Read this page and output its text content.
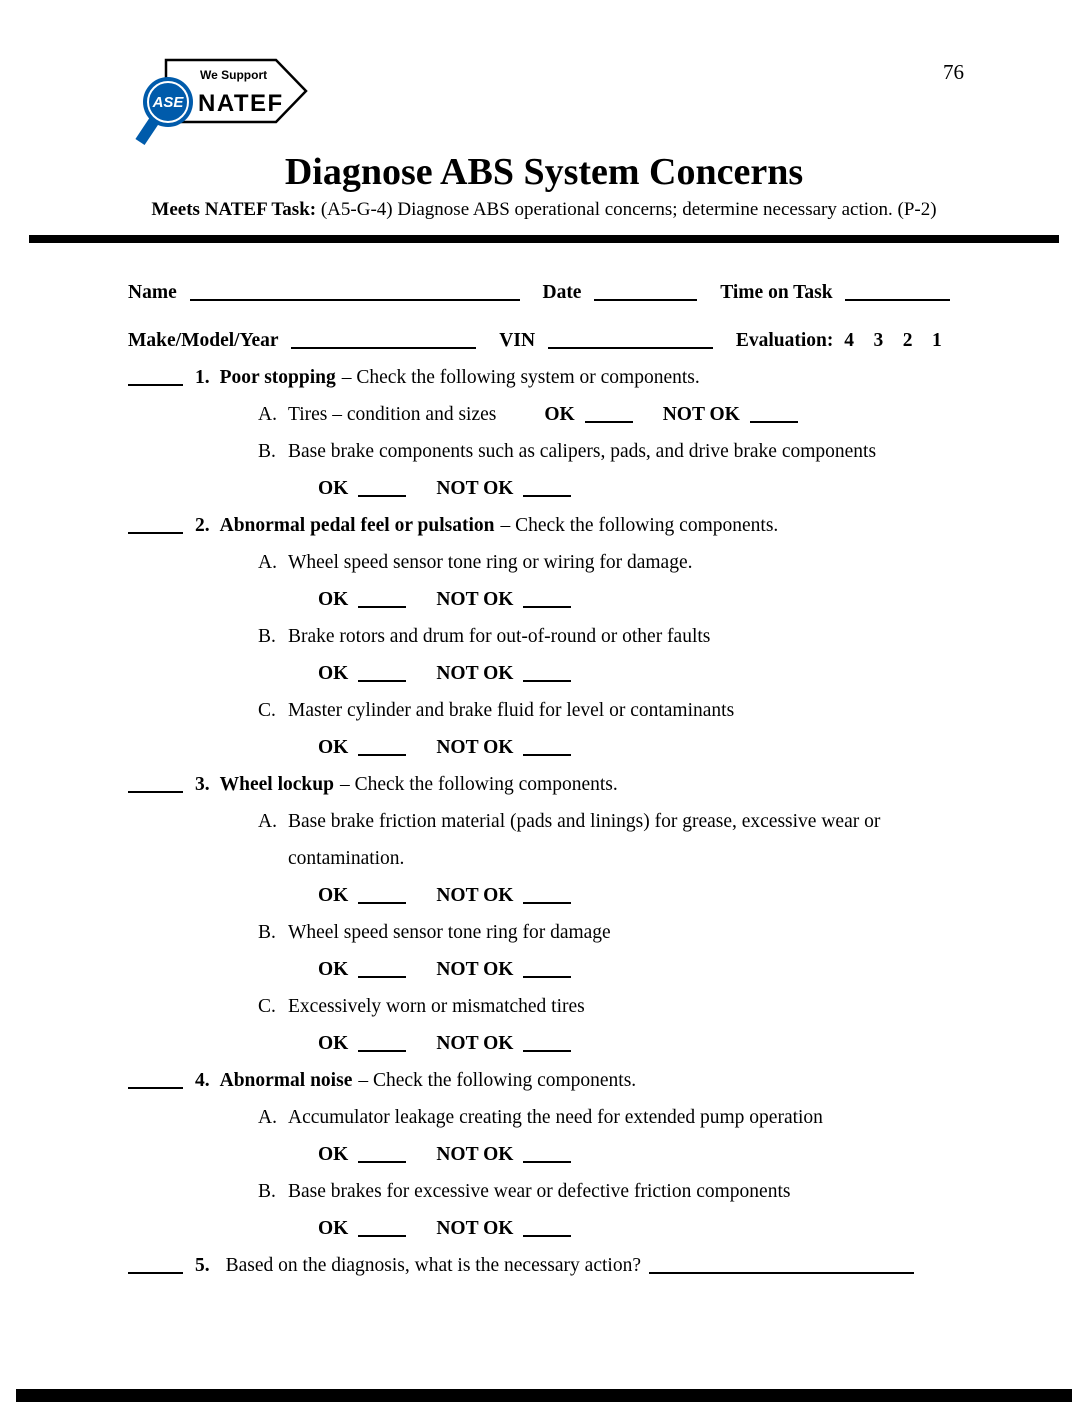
76
We Support
NATEF
ASE
Diagnose ABS System Concerns
Meets NATEF Task: (A5-G-4) Diagnose ABS operational concerns; determine necessary action. (P-2)
Name	Date	Time on Task
Make/Model/Year	VIN	Evaluation: 4    3    2    1
1. Poor stopping – Check the following system or components.
A. Tires – condition and sizes OK	NOT OK
B. Base brake components such as calipers, pads, and drive brake components
OK	NOT OK
2. Abnormal pedal feel or pulsation – Check the following components.
A. Wheel speed sensor tone ring or wiring for damage.
OK	NOT OK
B. Brake rotors and drum for out-of-round or other faults
OK	NOT OK
C. Master cylinder and brake fluid for level or contaminants
OK	NOT OK
3. Wheel lockup – Check the following components.
A. Base brake friction material (pads and linings) for grease, excessive wear or contamination.
OK	NOT OK
B. Wheel speed sensor tone ring for damage
OK	NOT OK
C. Excessively worn or mismatched tires
OK	NOT OK
4. Abnormal noise – Check the following components.
A. Accumulator leakage creating the need for extended pump operation
OK	NOT OK
B. Base brakes for excessive wear or defective friction components
OK	NOT OK
5. Based on the diagnosis, what is the necessary action?
